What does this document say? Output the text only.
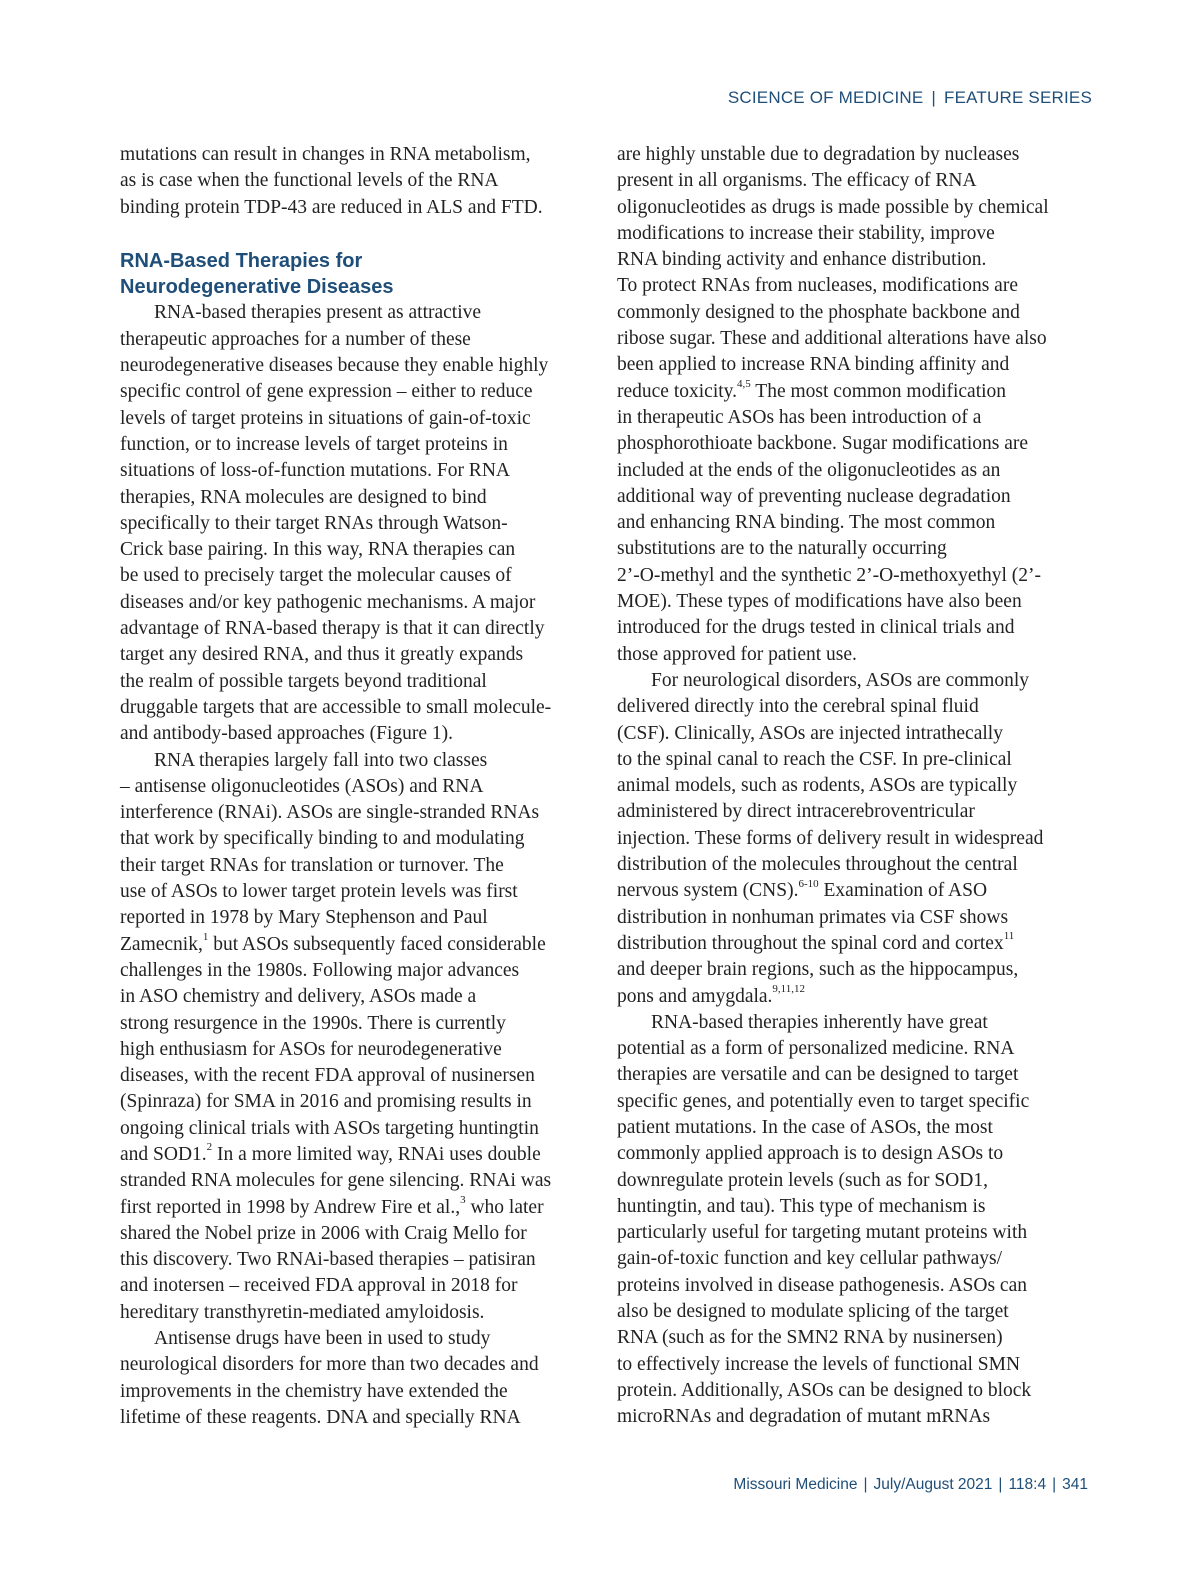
SCIENCE OF MEDICINE | FEATURE SERIES
mutations can result in changes in RNA metabolism,
as is case when the functional levels of the RNA
binding protein TDP-43 are reduced in ALS and FTD.
RNA-Based Therapies for
Neurodegenerative Diseases
RNA-based therapies present as attractive
therapeutic approaches for a number of these
neurodegenerative diseases because they enable highly
specific control of gene expression – either to reduce
levels of target proteins in situations of gain-of-toxic
function, or to increase levels of target proteins in
situations of loss-of-function mutations. For RNA
therapies, RNA molecules are designed to bind
specifically to their target RNAs through Watson-
Crick base pairing. In this way, RNA therapies can
be used to precisely target the molecular causes of
diseases and/or key pathogenic mechanisms. A major
advantage of RNA-based therapy is that it can directly
target any desired RNA, and thus it greatly expands
the realm of possible targets beyond traditional
druggable targets that are accessible to small molecule-
and antibody-based approaches (Figure 1).
RNA therapies largely fall into two classes
– antisense oligonucleotides (ASOs) and RNA
interference (RNAi). ASOs are single-stranded RNAs
that work by specifically binding to and modulating
their target RNAs for translation or turnover. The
use of ASOs to lower target protein levels was first
reported in 1978 by Mary Stephenson and Paul
Zamecnik,$^1$ but ASOs subsequently faced considerable
challenges in the 1980s. Following major advances
in ASO chemistry and delivery, ASOs made a
strong resurgence in the 1990s. There is currently
high enthusiasm for ASOs for neurodegenerative
diseases, with the recent FDA approval of nusinersen
(Spinraza) for SMA in 2016 and promising results in
ongoing clinical trials with ASOs targeting huntingtin
and SOD1.$^2$ In a more limited way, RNAi uses double
stranded RNA molecules for gene silencing. RNAi was
first reported in 1998 by Andrew Fire et al.,$^3$ who later
shared the Nobel prize in 2006 with Craig Mello for
this discovery. Two RNAi-based therapies – patisiran
and inotersen – received FDA approval in 2018 for
hereditary transthyretin-mediated amyloidosis.
Antisense drugs have been in used to study
neurological disorders for more than two decades and
improvements in the chemistry have extended the
lifetime of these reagents. DNA and specially RNA
are highly unstable due to degradation by nucleases
present in all organisms. The efficacy of RNA
oligonucleotides as drugs is made possible by chemical
modifications to increase their stability, improve
RNA binding activity and enhance distribution.
To protect RNAs from nucleases, modifications are
commonly designed to the phosphate backbone and
ribose sugar. These and additional alterations have also
been applied to increase RNA binding affinity and
reduce toxicity.$^{4,5}$ The most common modification
in therapeutic ASOs has been introduction of a
phosphorothioate backbone. Sugar modifications are
included at the ends of the oligonucleotides as an
additional way of preventing nuclease degradation
and enhancing RNA binding. The most common
substitutions are to the naturally occurring
2’-O-methyl and the synthetic 2’-O-methoxyethyl (2’-
MOE). These types of modifications have also been
introduced for the drugs tested in clinical trials and
those approved for patient use.
For neurological disorders, ASOs are commonly
delivered directly into the cerebral spinal fluid
(CSF). Clinically, ASOs are injected intrathecally
to the spinal canal to reach the CSF. In pre-clinical
animal models, such as rodents, ASOs are typically
administered by direct intracerebroventricular
injection. These forms of delivery result in widespread
distribution of the molecules throughout the central
nervous system (CNS).$^{6-10}$ Examination of ASO
distribution in nonhuman primates via CSF shows
distribution throughout the spinal cord and cortex$^{11}$
and deeper brain regions, such as the hippocampus,
pons and amygdala.$^{9,11,12}$
RNA-based therapies inherently have great
potential as a form of personalized medicine. RNA
therapies are versatile and can be designed to target
specific genes, and potentially even to target specific
patient mutations. In the case of ASOs, the most
commonly applied approach is to design ASOs to
downregulate protein levels (such as for SOD1,
huntingtin, and tau). This type of mechanism is
particularly useful for targeting mutant proteins with
gain-of-toxic function and key cellular pathways/
proteins involved in disease pathogenesis. ASOs can
also be designed to modulate splicing of the target
RNA (such as for the SMN2 RNA by nusinersen)
to effectively increase the levels of functional SMN
protein. Additionally, ASOs can be designed to block
microRNAs and degradation of mutant mRNAs
Missouri Medicine | July/August 2021 | 118:4 | 341
